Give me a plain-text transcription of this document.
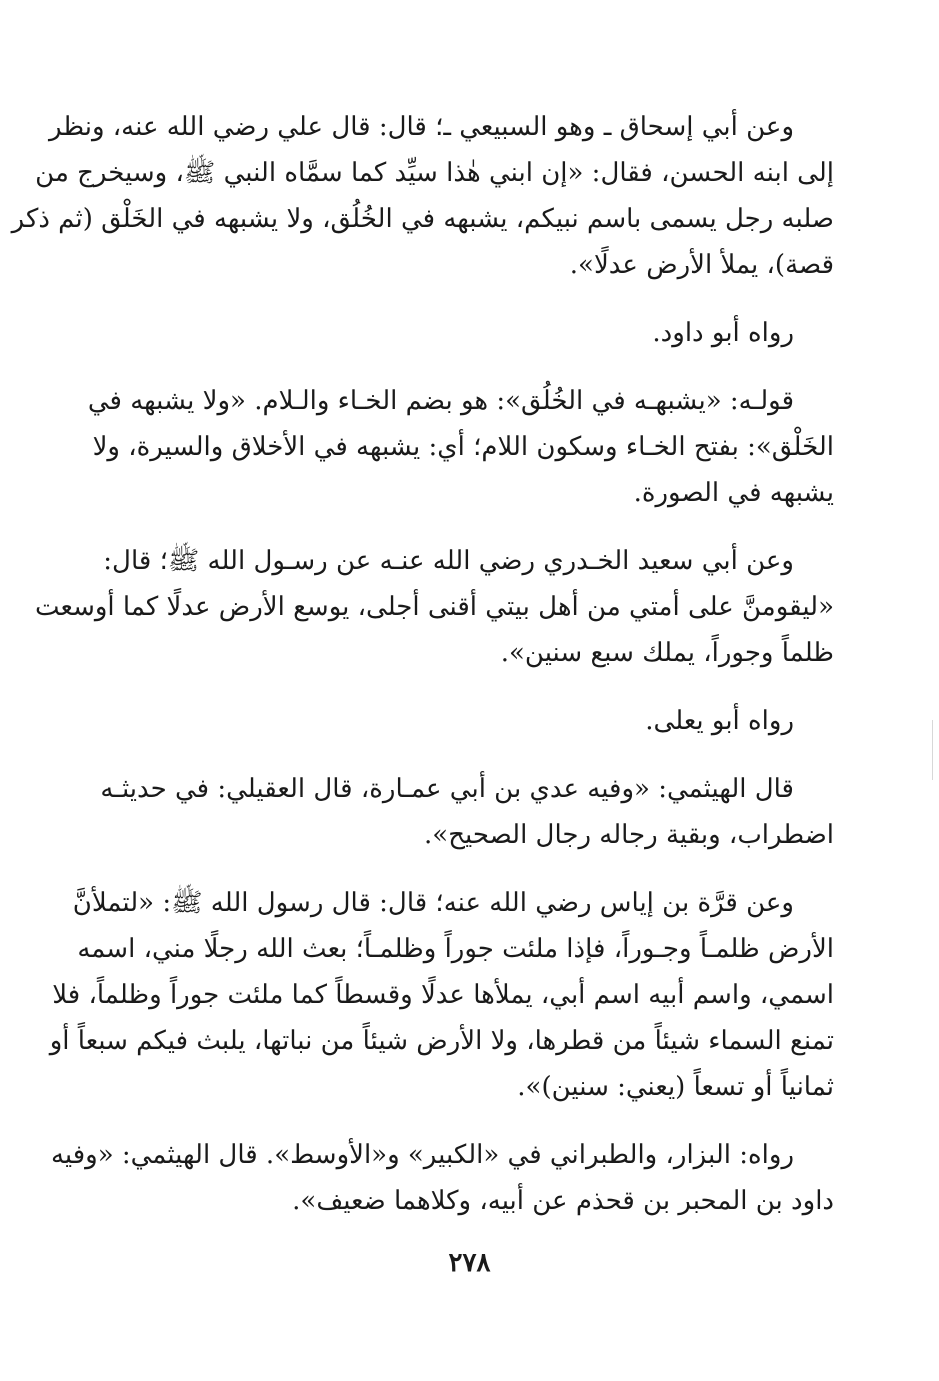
وعن أبي إسحاق ـ وهو السبيعي ـ؛ قال: قال علي رضي الله عنه، ونظر
إلى ابنه الحسن، فقال: «إن ابني هٰذا سيِّد كما سمَّاه النبي ﷺ، وسيخرج من
صلبه رجل يسمى باسم نبيكم، يشبهه في الخُلُق، ولا يشبهه في الخَلْق (ثم ذكر
قصة)، يملأ الأرض عدلًا».
رواه أبو داود.
قولـه: «يشبهـه في الخُلُق»: هو بضم الخـاء والـلام. «ولا يشبهه في
الخَلْق»: بفتح الخـاء وسكون اللام؛ أي: يشبهه في الأخلاق والسيرة، ولا
يشبهه في الصورة.
وعن أبي سعيد الخـدري رضي الله عنـه عن رسـول الله ﷺ؛ قال:
«ليقومنَّ على أمتي من أهل بيتي أقنى أجلى، يوسع الأرض عدلًا كما أوسعت
ظلماً وجوراً، يملك سبع سنين».
رواه أبو يعلى.
قال الهيثمي: «وفيه عدي بن أبي عمـارة، قال العقيلي: في حديثـه
اضطراب، وبقية رجاله رجال الصحيح».
وعن قرَّة بن إياس رضي الله عنه؛ قال: قال رسول الله ﷺ: «لتملأنَّ
الأرض ظلمـاً وجـوراً، فإذا ملئت جوراً وظلمـاً؛ بعث الله رجلًا مني، اسمه
اسمي، واسم أبيه اسم أبي، يملأها عدلًا وقسطاً كما ملئت جوراً وظلماً، فلا
تمنع السماء شيئاً من قطرها، ولا الأرض شيئاً من نباتها، يلبث فيكم سبعاً أو
ثمانياً أو تسعاً (يعني: سنين)».
رواه: البزار، والطبراني في «الكبير» و«الأوسط». قال الهيثمي: «وفيه
داود بن المحبر بن قحذم عن أبيه، وكلاهما ضعيف».
٢٧٨
